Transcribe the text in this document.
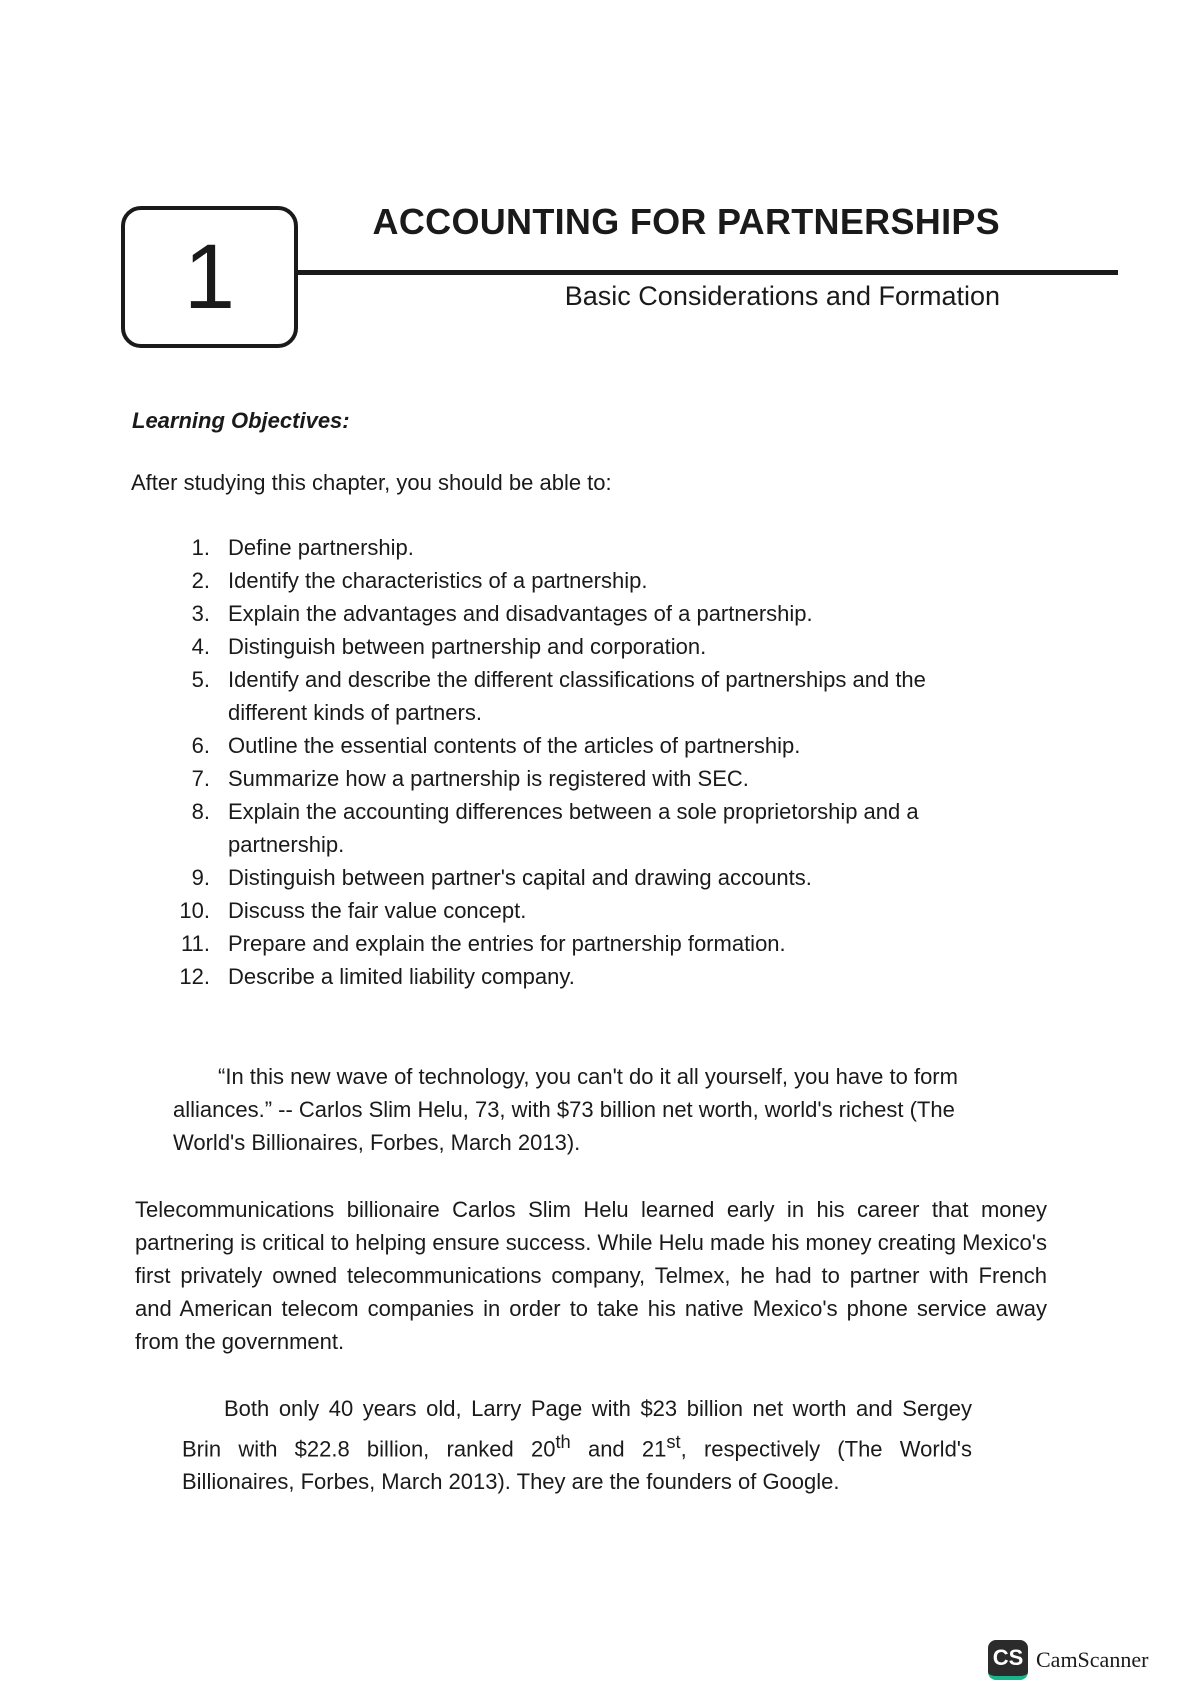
1
ACCOUNTING FOR PARTNERSHIPS
Basic Considerations and Formation
Learning Objectives:
After studying this chapter, you should be able to:
1. Define partnership.
2. Identify the characteristics of a partnership.
3. Explain the advantages and disadvantages of a partnership.
4. Distinguish between partnership and corporation.
5. Identify and describe the different classifications of partnerships and the different kinds of partners.
6. Outline the essential contents of the articles of partnership.
7. Summarize how a partnership is registered with SEC.
8. Explain the accounting differences between a sole proprietorship and a partnership.
9. Distinguish between partner's capital and drawing accounts.
10. Discuss the fair value concept.
11. Prepare and explain the entries for partnership formation.
12. Describe a limited liability company.
“In this new wave of technology, you can't do it all yourself, you have to form alliances.” -- Carlos Slim Helu, 73, with $73 billion net worth, world's richest (The World's Billionaires, Forbes, March 2013).
Telecommunications billionaire Carlos Slim Helu learned early in his career that money partnering is critical to helping ensure success. While Helu made his money creating Mexico's first privately owned telecommunications company, Telmex, he had to partner with French and American telecom companies in order to take his native Mexico's phone service away from the government.
Both only 40 years old, Larry Page with $23 billion net worth and Sergey Brin with $22.8 billion, ranked 20th and 21st, respectively (The World's Billionaires, Forbes, March 2013). They are the founders of Google.
CS CamScanner
